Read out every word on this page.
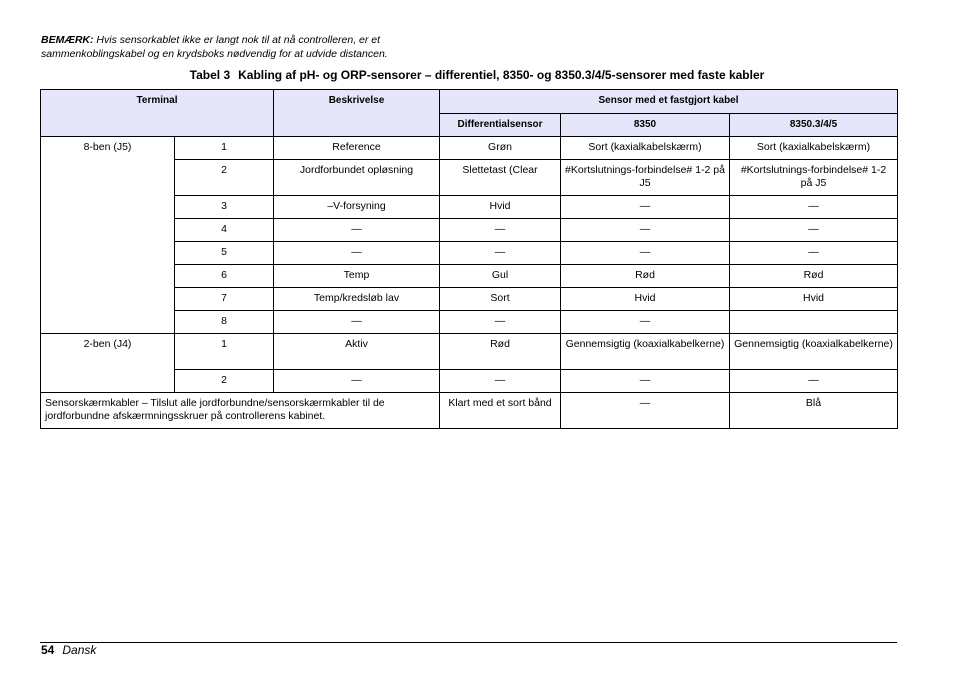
BEMÆRK: Hvis sensorkablet ikke er langt nok til at nå controlleren, er et sammenkoblingskabel og en krydsboks nødvendig for at udvide distancen.
Tabel 3 Kabling af pH- og ORP-sensorer – differentiel, 8350- og 8350.3/4/5-sensorer med faste kabler
Terminal		Beskrivelse	Sensor med et fastgjort kabel		
			Differentialsensor	8350	8350.3/4/5
8-ben (J5)	1	Reference	Grøn	Sort (kaxialkabelskærm)	Sort (kaxialkabelskærm)
	2	Jordforbundet opløsning	Slettetast (Clear	#Kortslutnings-forbindelse# 1-2 på J5	#Kortslutnings-forbindelse# 1-2 på J5
	3	–V-forsyning	Hvid	—	—
	4	—	—	—	—
	5	—	—	—	—
	6	Temp	Gul	Rød	Rød
	7	Temp/kredsløb lav	Sort	Hvid	Hvid
	8	—	—	—	
2-ben (J4)	1	Aktiv	Rød	Gennemsigtig (koaxialkabelkerne)	Gennemsigtig (koaxialkabelkerne)
	2	—	—	—	—
Sensorskærmkabler – Tilslut alle jordforbundne/sensorskærmkabler til de jordforbundne afskærmningsskruer på controllerens kabinet.			Klart med et sort bånd	—	Blå
54 Dansk
